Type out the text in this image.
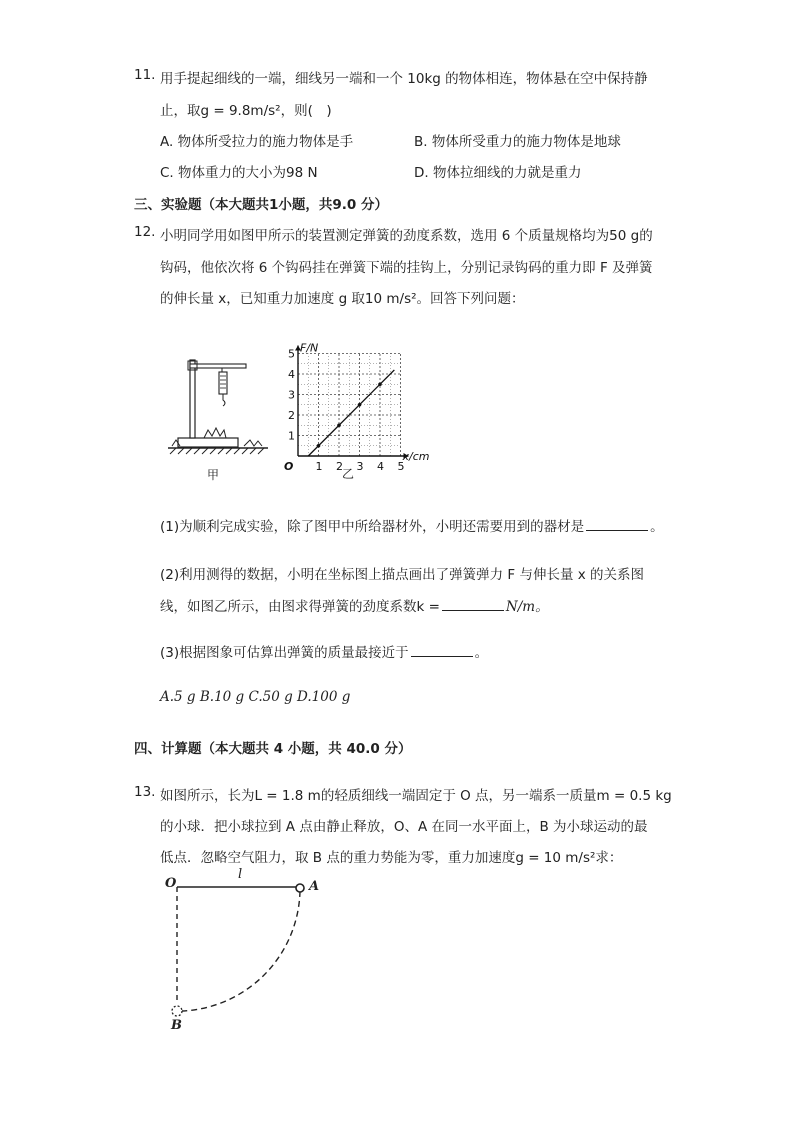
11. 用手提起细线的一端，细线另一端和一个 10kg 的物体相连，物体悬在空中保持静
止，取g = 9.8m/s²，则(　)
A. 物体所受拉力的施力物体是手	B. 物体所受重力的施力物体是地球
C. 物体重力的大小为98 N	D. 物体拉细线的力就是重力
三、实验题（本大题共1小题，共9.0 分）
12. 小明同学用如图甲所示的装置测定弹簧的劲度系数，选用 6 个质量规格均为50 g的
钩码，他依次将 6 个钩码挂在弹簧下端的挂钩上，分别记录钩码的重力即 F 及弹簧
的伸长量 x，已知重力加速度 g 取10 m/s²。回答下列问题：
甲
1 2 3 4 5
1
2
3
4
5
O
F/N
x/cm
乙
(1)为顺利完成实验，除了图甲中所给器材外，小明还需要用到的器材是	。
(2)利用测得的数据，小明在坐标图上描点画出了弹簧弹力 F 与伸长量 x 的关系图
线，如图乙所示，由图求得弹簧的劲度系数k =	N/m。
(3)根据图象可估算出弹簧的质量最接近于	。
A.5 g B.10 g C.50 g D.100 g
四、计算题（本大题共 4 小题，共 40.0 分）
13. 如图所示，长为L = 1.8 m的轻质细线一端固定于 O 点，另一端系一质量m = 0.5 kg
的小球．把小球拉到 A 点由静止释放，O、A 在同一水平面上，B 为小球运动的最
低点．忽略空气阻力，取 B 点的重力势能为零，重力加速度g = 10 m/s²求：
O
l
A
B
